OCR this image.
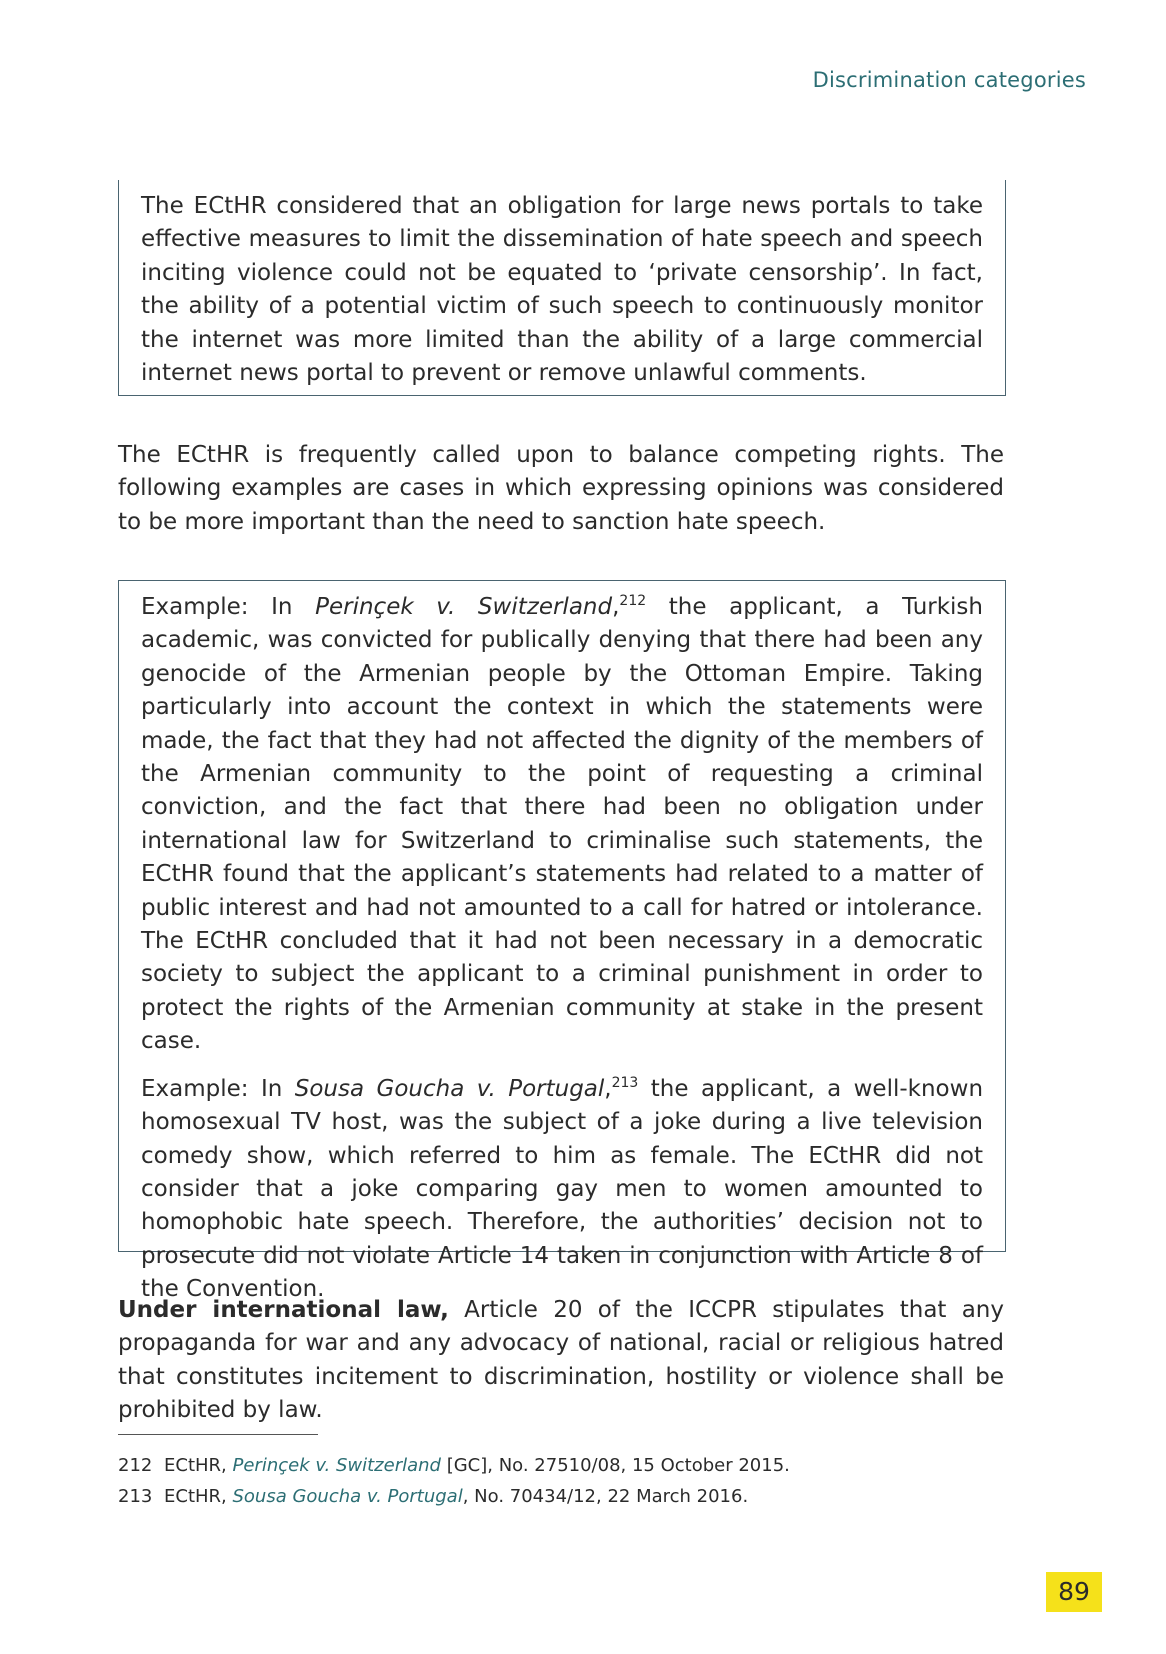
Discrimination categories

The ECtHR considered that an obligation for large news portals to take effective measures to limit the dissemination of hate speech and speech inciting violence could not be equated to ‘private censorship’. In fact, the ability of a potential victim of such speech to continuously monitor the internet was more limited than the ability of a large commercial internet news portal to prevent or remove unlawful comments.

The ECtHR is frequently called upon to balance competing rights. The following examples are cases in which expressing opinions was considered to be more important than the need to sanction hate speech.

Example: In Perinçek v. Switzerland,$^{212}$ the applicant, a Turkish academic, was convicted for publically denying that there had been any genocide of the Armenian people by the Ottoman Empire. Taking particularly into account the context in which the statements were made, the fact that they had not affected the dignity of the members of the Armenian community to the point of requesting a criminal conviction, and the fact that there had been no obligation under international law for Switzerland to criminalise such statements, the ECtHR found that the applicant’s statements had related to a matter of public interest and had not amounted to a call for hatred or intolerance. The ECtHR concluded that it had not been necessary in a democratic society to subject the applicant to a criminal punishment in order to protect the rights of the Armenian community at stake in the present case.

Example: In Sousa Goucha v. Portugal,$^{213}$ the applicant, a well-known homosexual TV host, was the subject of a joke during a live television comedy show, which referred to him as female. The ECtHR did not consider that a joke comparing gay men to women amounted to homophobic hate speech. Therefore, the authorities’ decision not to prosecute did not violate Article 14 taken in conjunction with Article 8 of the Convention.

Under international law, Article 20 of the ICCPR stipulates that any propaganda for war and any advocacy of national, racial or religious hatred that constitutes incitement to discrimination, hostility or violence shall be prohibited by law.

212 ECtHR, Perinçek v. Switzerland [GC], No. 27510/08, 15 October 2015.
213 ECtHR, Sousa Goucha v. Portugal, No. 70434/12, 22 March 2016.
89
